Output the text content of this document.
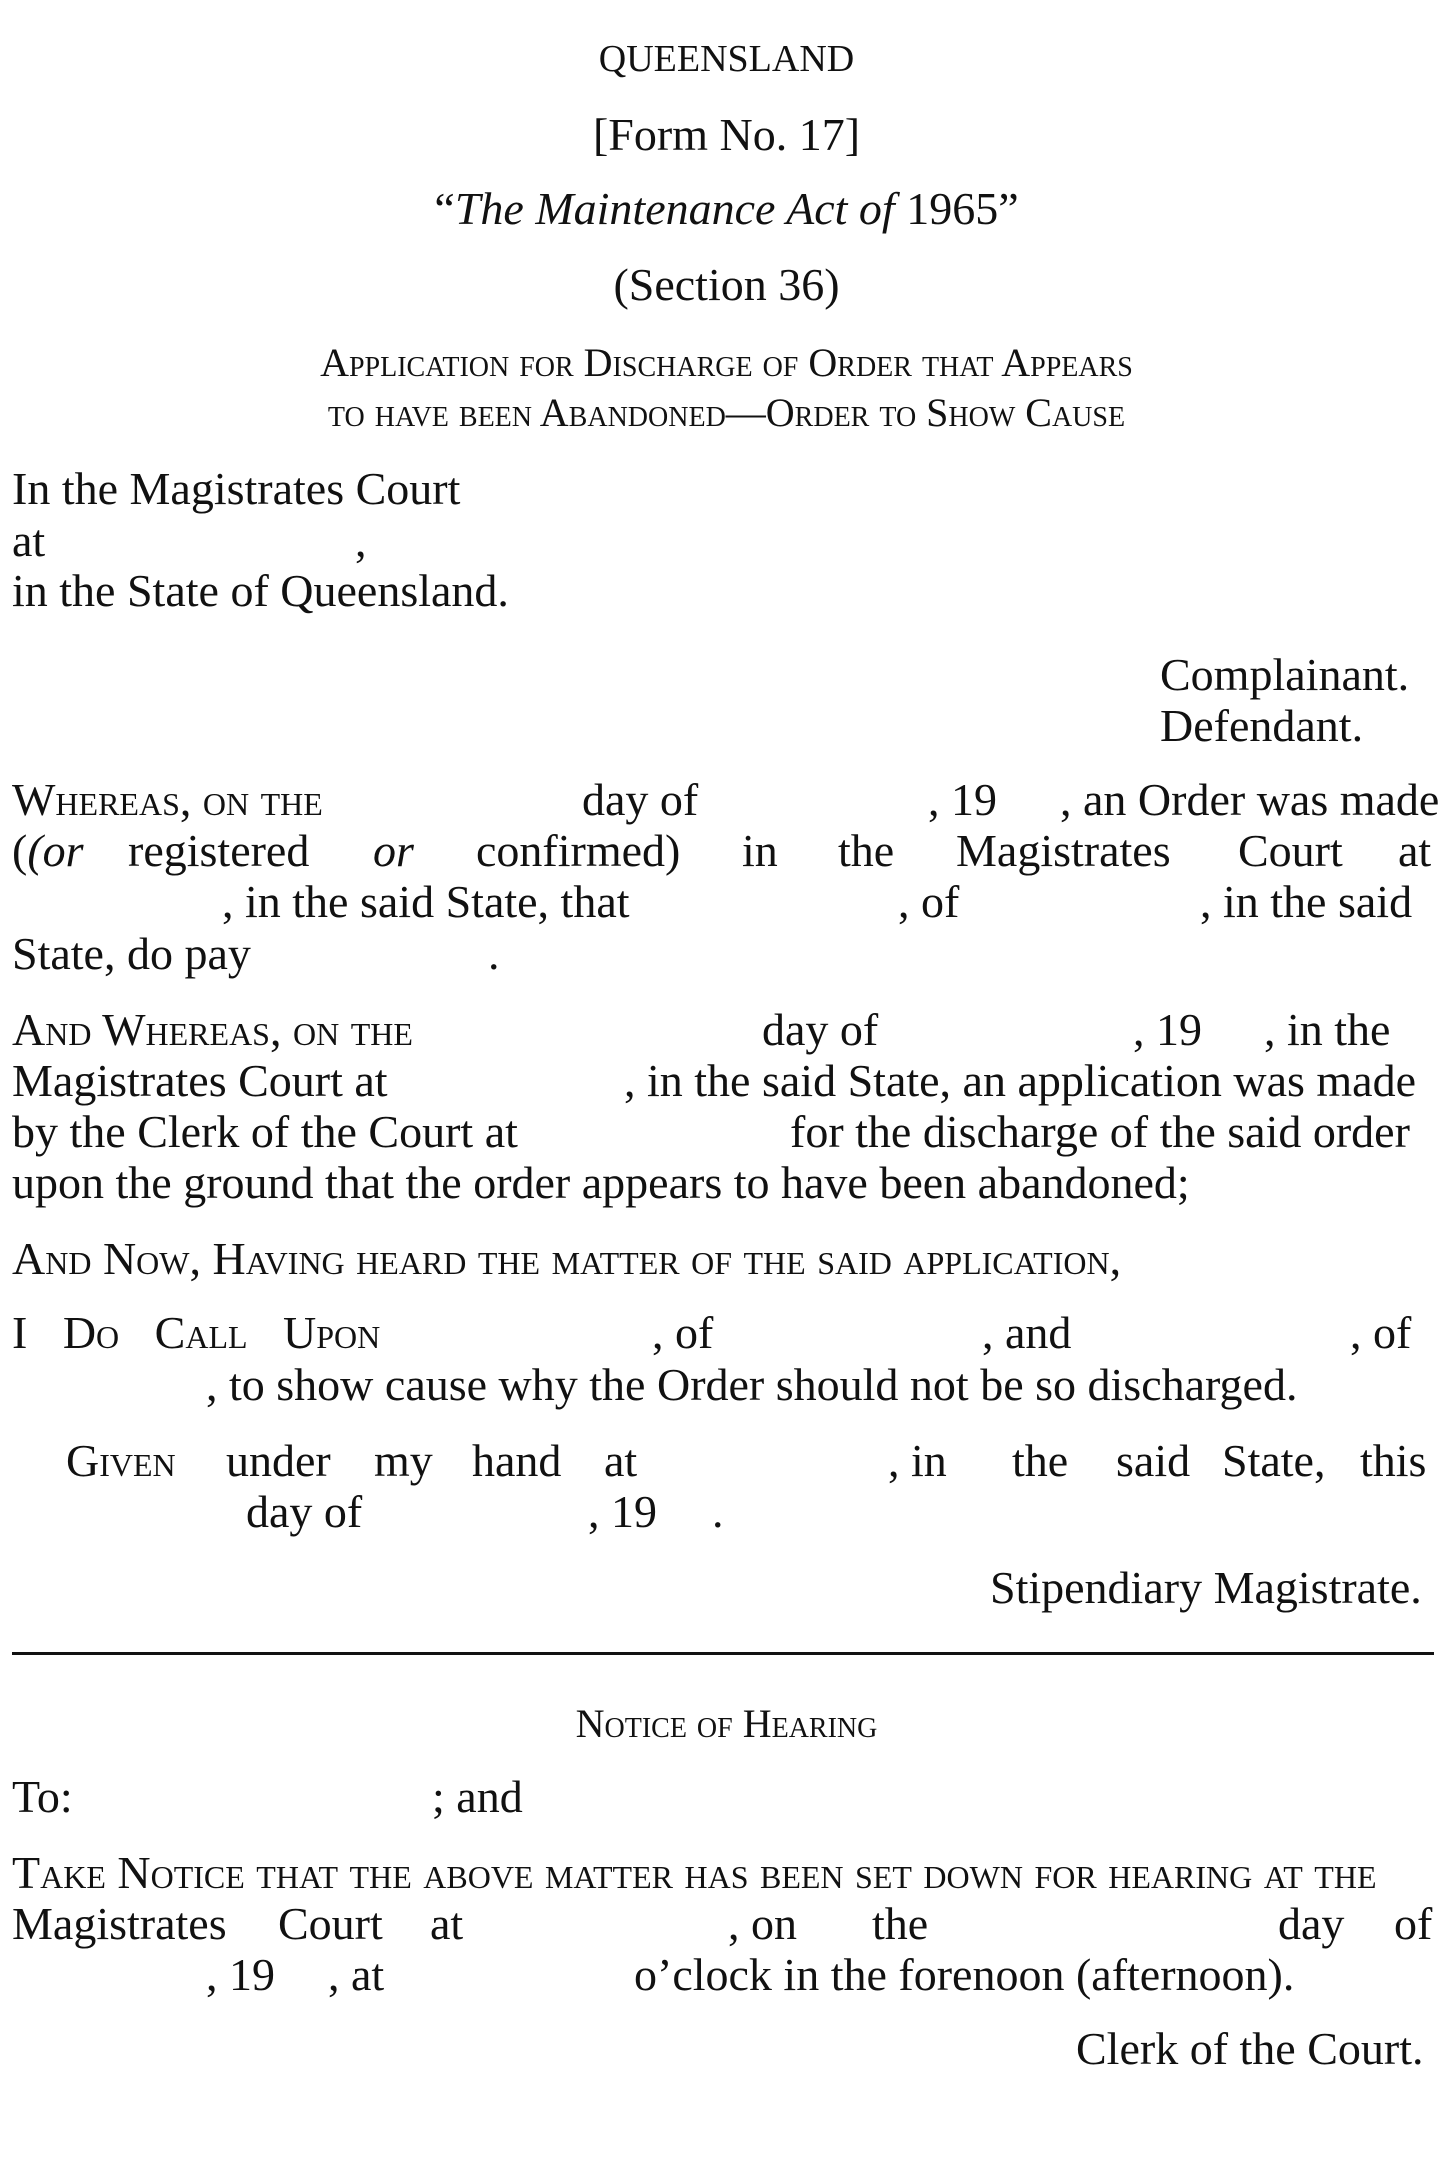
QUEENSLAND
[Form No. 17]
“The Maintenance Act of 1965”
(Section 36)
Application for Discharge of Order that Appears
to have been Abandoned—Order to Show Cause
In the Magistrates Court
at	,
in the State of Queensland.
Complainant.
Defendant.
Whereas, on the	day of	, 19 , an Order was made
((or registered or confirmed) in the Magistrates Court at
, in the said State, that	, of	, in the said
State, do pay	.
And Whereas, on the	day of	, 19 , in the
Magistrates Court at	, in the said State, an application was made
by the Clerk of the Court at	for the discharge of the said order
upon the ground that the order appears to have been abandoned;
And Now, Having heard the matter of the said application,
I Do Call Upon	, of	, and	, of
, to show cause why the Order should not be so discharged.
Given under my hand at	, in the said State, this
day of	, 19 .
Stipendiary Magistrate.
Notice of Hearing
To:	; and
Take Notice that the above matter has been set down for hearing at the
Magistrates Court at	, on the	day of
, 19 , at	o’clock in the forenoon (afternoon).
Clerk of the Court.
